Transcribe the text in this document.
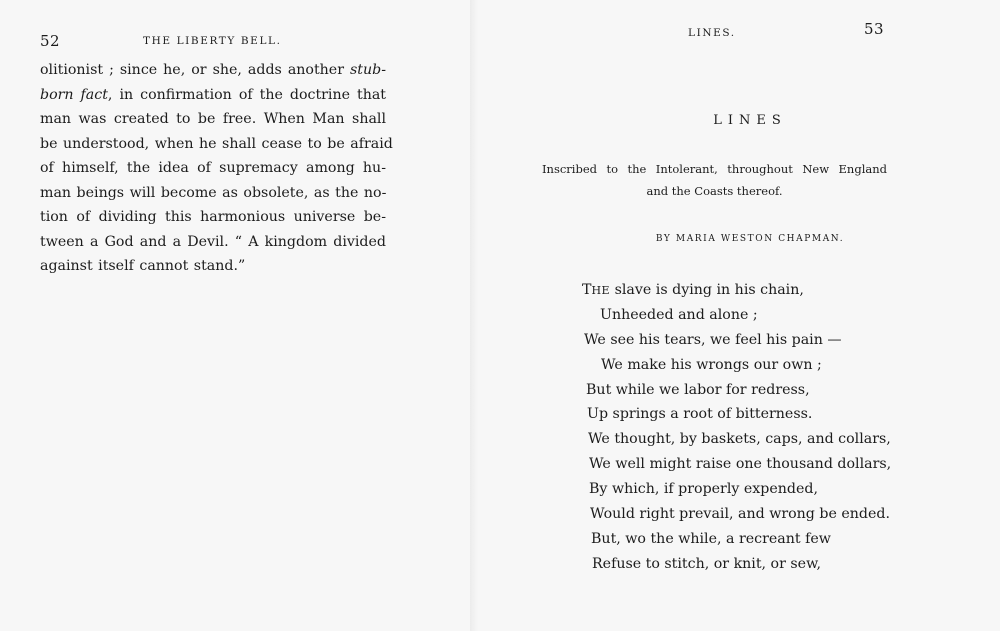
52	THE LIBERTY BELL.
olitionist ; since he, or she, adds another stub-
born fact, in confirmation of the doctrine that
man was created to be free. When Man shall
be understood, when he shall cease to be afraid
of himself, the idea of supremacy among hu-
man beings will become as obsolete, as the no-
tion of dividing this harmonious universe be-
tween a God and a Devil. “ A kingdom divided
against itself cannot stand.”
LINES.	53
LINES
Inscribed to the Intolerant, throughout New England
and the Coasts thereof.
BY MARIA WESTON CHAPMAN.
THE slave is dying in his chain,
Unheeded and alone ;
We see his tears, we feel his pain —
We make his wrongs our own ;
But while we labor for redress,
Up springs a root of bitterness.
We thought, by baskets, caps, and collars,
We well might raise one thousand dollars,
By which, if properly expended,
Would right prevail, and wrong be ended.
But, wo the while, a recreant few
Refuse to stitch, or knit, or sew,
